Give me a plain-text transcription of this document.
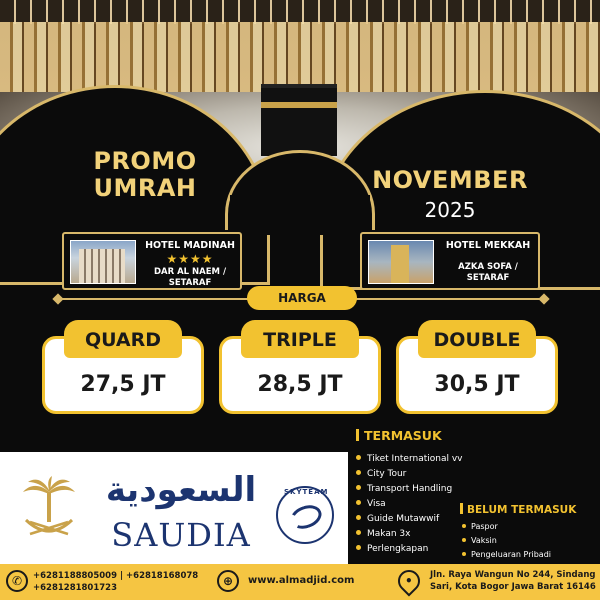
PROMO
UMRAH	NOVEMBER
2025
HOTEL MADINAH
★★★★
DAR AL NAEM /
SETARAF
HOTEL MEKKAH
AZKA SOFA /
SETARAF
HARGA
QUARD
27,5 JT
TRIPLE
28,5 JT
DOUBLE
30,5 JT
السعودية
SAUDIA
SKYTEAM
TERMASUK
Tiket International vv
City Tour
Transport Handling
Visa
Guide Mutawwif
Makan 3x
Perlengkapan
BELUM TERMASUK
Paspor
Vaksin
Pengeluaran Pribadi
✆	+6281188805009 | +62818168078
+6281281801723	⊕	www.almadjid.com	•	Jln. Raya Wangun No 244, Sindang Sari, Kota Bogor Jawa Barat 16146
